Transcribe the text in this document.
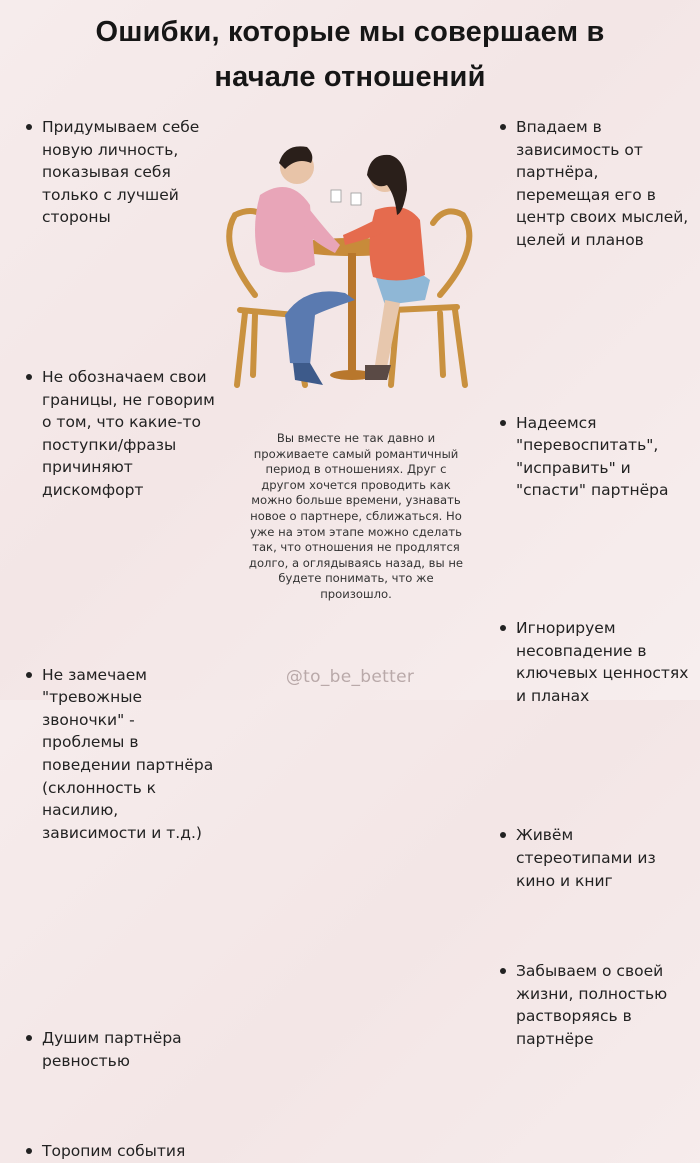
Ошибки, которые мы совершаем в
начале отношений
Придумываем себе новую личность, показывая себя только с лучшей стороны
Не обозначаем свои границы, не говорим о том, что какие-то поступки/фразы причиняют дискомфорт
Не замечаем "тревожные звоночки" - проблемы в поведении партнёра (склонность к насилию, зависимости и т.д.)
Душим партнёра ревностью
Торопим события
Впадаем в зависимость от партнёра, перемещая его в центр своих мыслей, целей и планов
Надеемся "перевоспитать", "исправить" и "спасти" партнёра
Игнорируем несовпадение в ключевых ценностях и планах
Живём стереотипами из кино и книг
Забываем о своей жизни, полностью растворяясь в партнёре
Вы вместе не так давно и проживаете самый романтичный период в отношениях. Друг с другом хочется проводить как можно больше времени, узнавать новое о партнере, сближаться. Но уже на этом этапе можно сделать так, что отношения не продлятся долго, а оглядываясь назад, вы не будете понимать, что же произошло.
@to_be_better
